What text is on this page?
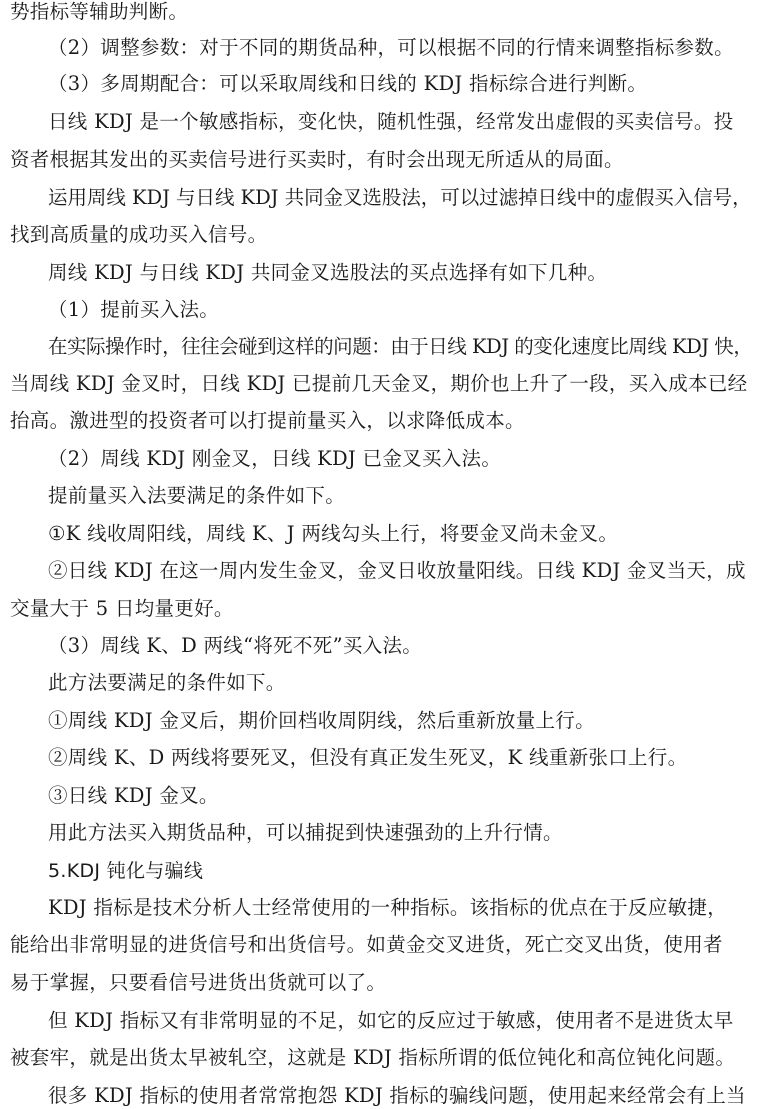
势指标等辅助判断。
（2）调整参数：对于不同的期货品种，可以根据不同的行情来调整指标参数。
（3）多周期配合：可以采取周线和日线的 KDJ 指标综合进行判断。
日线 KDJ 是一个敏感指标，变化快，随机性强，经常发出虚假的买卖信号。投
资者根据其发出的买卖信号进行买卖时，有时会出现无所适从的局面。
运用周线 KDJ 与日线 KDJ 共同金叉选股法，可以过滤掉日线中的虚假买入信号，
找到高质量的成功买入信号。
周线 KDJ 与日线 KDJ 共同金叉选股法的买点选择有如下几种。
（1）提前买入法。
在实际操作时，往往会碰到这样的问题：由于日线 KDJ 的变化速度比周线 KDJ 快，
当周线 KDJ 金叉时，日线 KDJ 已提前几天金叉，期价也上升了一段，买入成本已经
抬高。激进型的投资者可以打提前量买入，以求降低成本。
（2）周线 KDJ 刚金叉，日线 KDJ 已金叉买入法。
提前量买入法要满足的条件如下。
①K 线收周阳线，周线 K、J 两线勾头上行，将要金叉尚未金叉。
②日线 KDJ 在这一周内发生金叉，金叉日收放量阳线。日线 KDJ 金叉当天，成
交量大于 5 日均量更好。
（3）周线 K、D 两线“将死不死”买入法。
此方法要满足的条件如下。
①周线 KDJ 金叉后，期价回档收周阴线，然后重新放量上行。
②周线 K、D 两线将要死叉，但没有真正发生死叉，K 线重新张口上行。
③日线 KDJ 金叉。
用此方法买入期货品种，可以捕捉到快速强劲的上升行情。
5.KDJ 钝化与骗线
KDJ 指标是技术分析人士经常使用的一种指标。该指标的优点在于反应敏捷，
能给出非常明显的进货信号和出货信号。如黄金交叉进货，死亡交叉出货，使用者
易于掌握，只要看信号进货出货就可以了。
但 KDJ 指标又有非常明显的不足，如它的反应过于敏感，使用者不是进货太早
被套牢，就是出货太早被轧空，这就是 KDJ 指标所谓的低位钝化和高位钝化问题。
很多 KDJ 指标的使用者常常抱怨 KDJ 指标的骗线问题，使用起来经常会有上当
